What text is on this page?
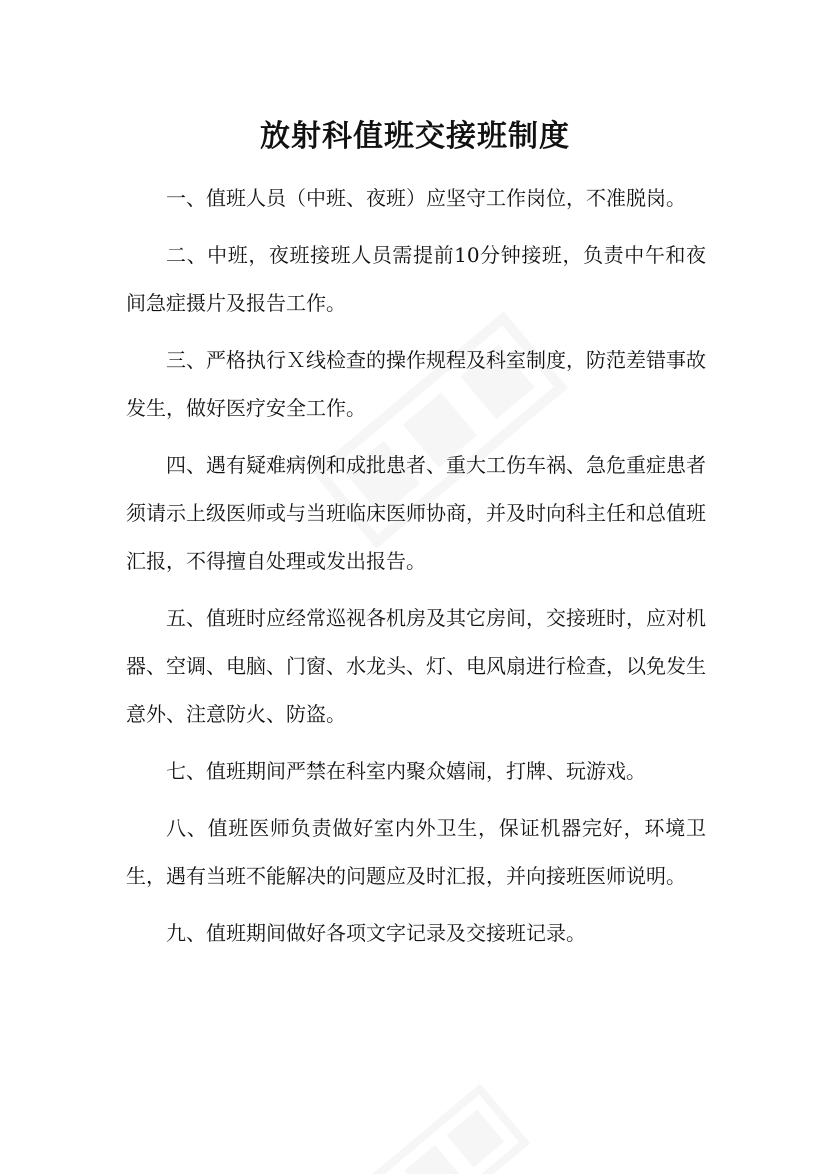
放射科值班交接班制度

一、值班人员（中班、夜班）应坚守工作岗位，不准脱岗。

二、中班，夜班接班人员需提前10分钟接班，负责中午和夜间急症摄片及报告工作。

三、严格执行Ｘ线检查的操作规程及科室制度，防范差错事故发生，做好医疗安全工作。

四、遇有疑难病例和成批患者、重大工伤车祸、急危重症患者须请示上级医师或与当班临床医师协商，并及时向科主任和总值班汇报，不得擅自处理或发出报告。

五、值班时应经常巡视各机房及其它房间，交接班时，应对机器、空调、电脑、门窗、水龙头、灯、电风扇进行检查，以免发生意外、注意防火、防盗。

七、值班期间严禁在科室内聚众嬉闹，打牌、玩游戏。

八、值班医师负责做好室内外卫生，保证机器完好，环境卫生，遇有当班不能解决的问题应及时汇报，并向接班医师说明。

九、值班期间做好各项文字记录及交接班记录。
